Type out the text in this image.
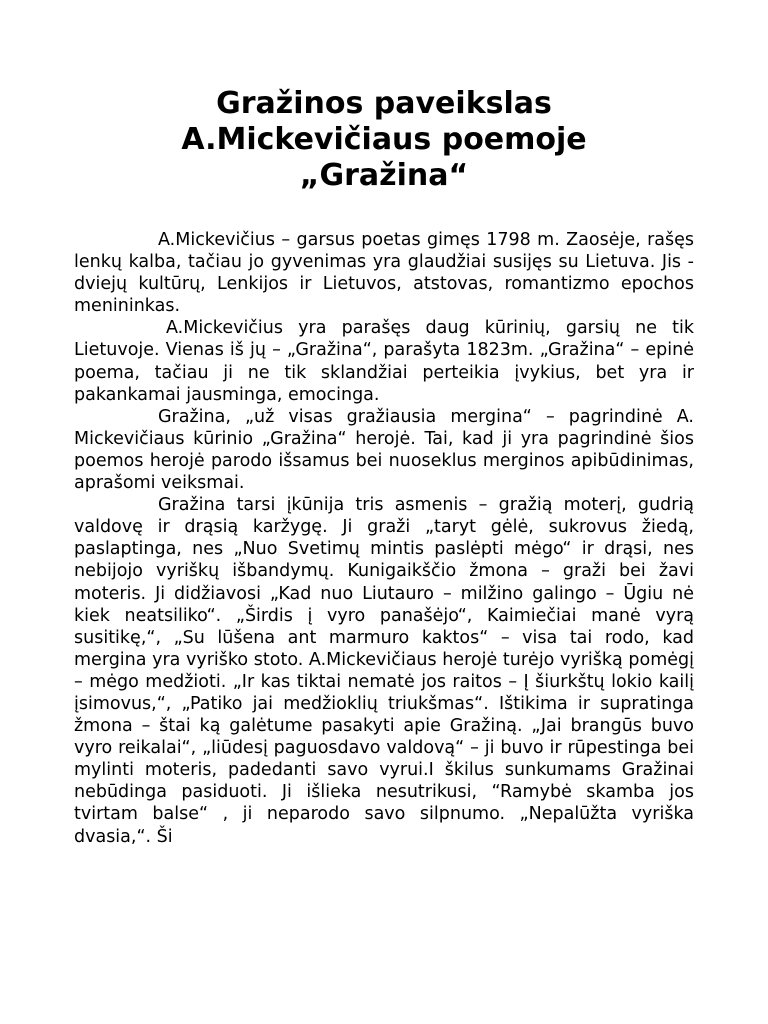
Gražinos paveikslas

A.Mickevičiaus poemoje

„Gražina“

A.Mickevičius – garsus poetas gimęs 1798 m. Zaosėje, rašęs lenkų kalba, tačiau jo gyvenimas yra glaudžiai susijęs su Lietuva. Jis - dviejų kultūrų, Lenkijos ir Lietuvos, atstovas, romantizmo epochos menininkas.

A.Mickevičius yra parašęs daug kūrinių, garsių ne tik Lietuvoje. Vienas iš jų – „Gražina“, parašyta 1823m. „Gražina“ – epinė poema, tačiau ji ne tik sklandžiai perteikia įvykius, bet yra ir pakankamai jausminga, emocinga.

Gražina, „už visas gražiausia mergina“ – pagrindinė A. Mickevičiaus kūrinio „Gražina“ herojė. Tai, kad ji yra pagrindinė šios poemos herojė parodo išsamus bei nuoseklus merginos apibūdinimas, aprašomi veiksmai.

Gražina tarsi įkūnija tris asmenis – gražią moterį, gudrią valdovę ir drąsią karžygę. Ji graži „taryt gėlė, sukrovus žiedą, paslaptinga, nes „Nuo Svetimų mintis paslėpti mėgo“ ir drąsi, nes nebijojo vyriškų išbandymų. Kunigaikščio žmona – graži bei žavi moteris. Ji didžiavosi „Kad nuo Liutauro – milžino galingo – Ūgiu nė kiek neatsiliko“. „Širdis į vyro panašėjo“, Kaimiečiai manė vyrą susitikę,“, „Su lūšena ant marmuro kaktos“ – visa tai rodo, kad mergina yra vyriško stoto. A.Mickevičiaus herojė turėjo vyrišką pomėgį – mėgo medžioti. „Ir kas tiktai nematė jos raitos – Į šiurkštų lokio kailį įsimovus,“, „Patiko jai medžioklių triukšmas“. Ištikima ir supratinga žmona – štai ką galėtume pasakyti apie Gražiną. „Jai brangūs buvo vyro reikalai“, „liūdesį paguosdavo valdovą“ – ji buvo ir rūpestinga bei mylinti moteris, padedanti savo vyrui.I škilus sunkumams Gražinai nebūdinga pasiduoti. Ji išlieka nesutrikusi, “Ramybė skamba jos tvirtam balse“ , ji neparodo savo silpnumo. „Nepalūžta vyriška dvasia,“. Ši
